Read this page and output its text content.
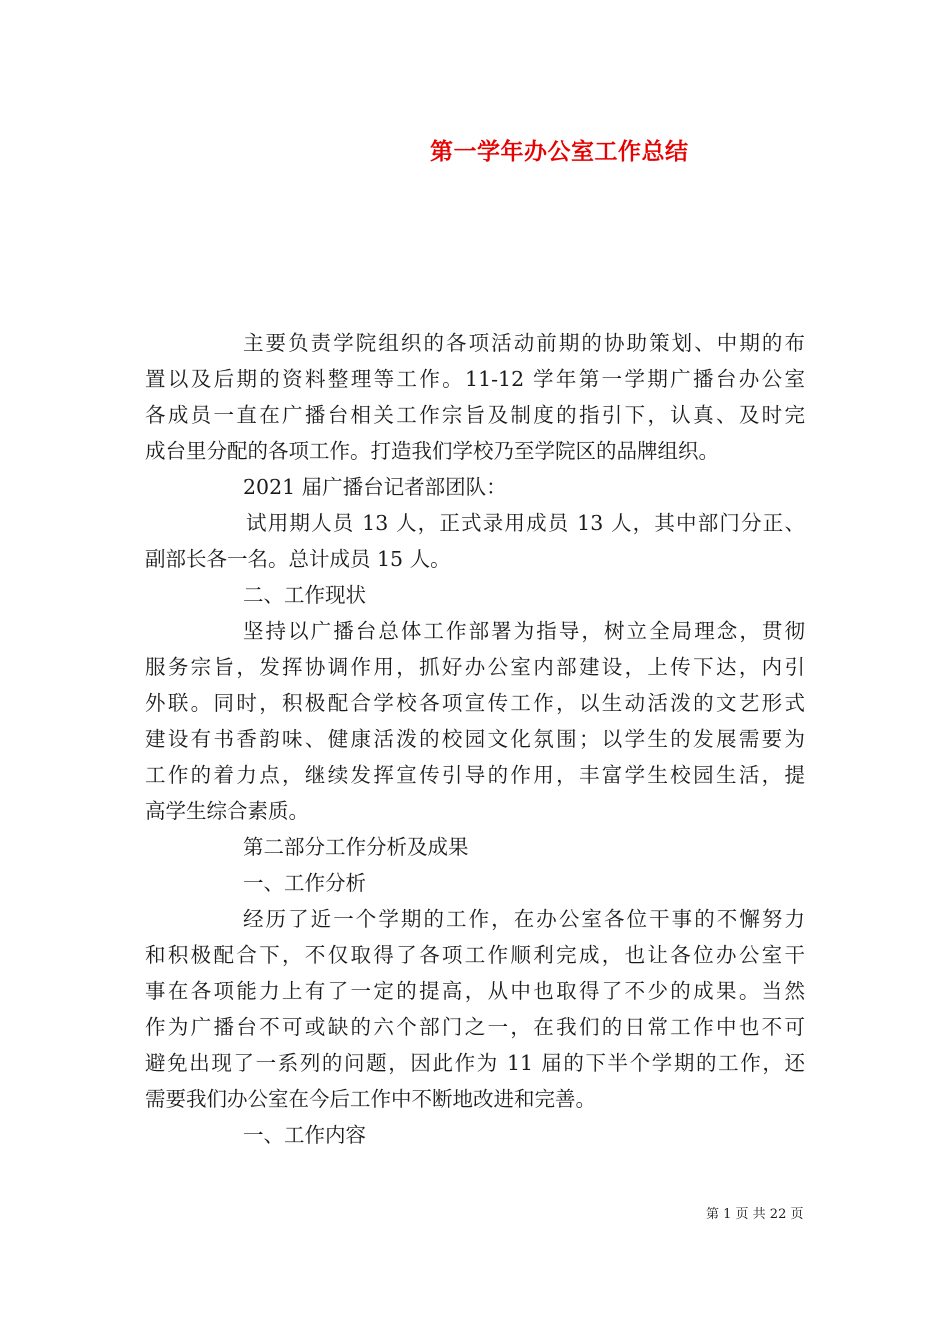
第一学年办公室工作总结
主要负责学院组织的各项活动前期的协助策划、中期的布
置以及后期的资料整理等工作。11-12 学年第一学期广播台办公室
各成员一直在广播台相关工作宗旨及制度的指引下，认真、及时完
成台里分配的各项工作。打造我们学校乃至学院区的品牌组织。
2021 届广播台记者部团队：
试用期人员 13 人，正式录用成员 13 人，其中部门分正、
副部长各一名。总计成员 15 人。
二、工作现状
坚持以广播台总体工作部署为指导，树立全局理念，贯彻
服务宗旨，发挥协调作用，抓好办公室内部建设，上传下达，内引
外联。同时，积极配合学校各项宣传工作，以生动活泼的文艺形式
建设有书香韵味、健康活泼的校园文化氛围；以学生的发展需要为
工作的着力点，继续发挥宣传引导的作用，丰富学生校园生活，提
高学生综合素质。
第二部分工作分析及成果
一、工作分析
经历了近一个学期的工作，在办公室各位干事的不懈努力
和积极配合下，不仅取得了各项工作顺利完成，也让各位办公室干
事在各项能力上有了一定的提高，从中也取得了不少的成果。当然
作为广播台不可或缺的六个部门之一，在我们的日常工作中也不可
避免出现了一系列的问题，因此作为 11 届的下半个学期的工作，还
需要我们办公室在今后工作中不断地改进和完善。
一、工作内容
第 1 页 共 22 页
